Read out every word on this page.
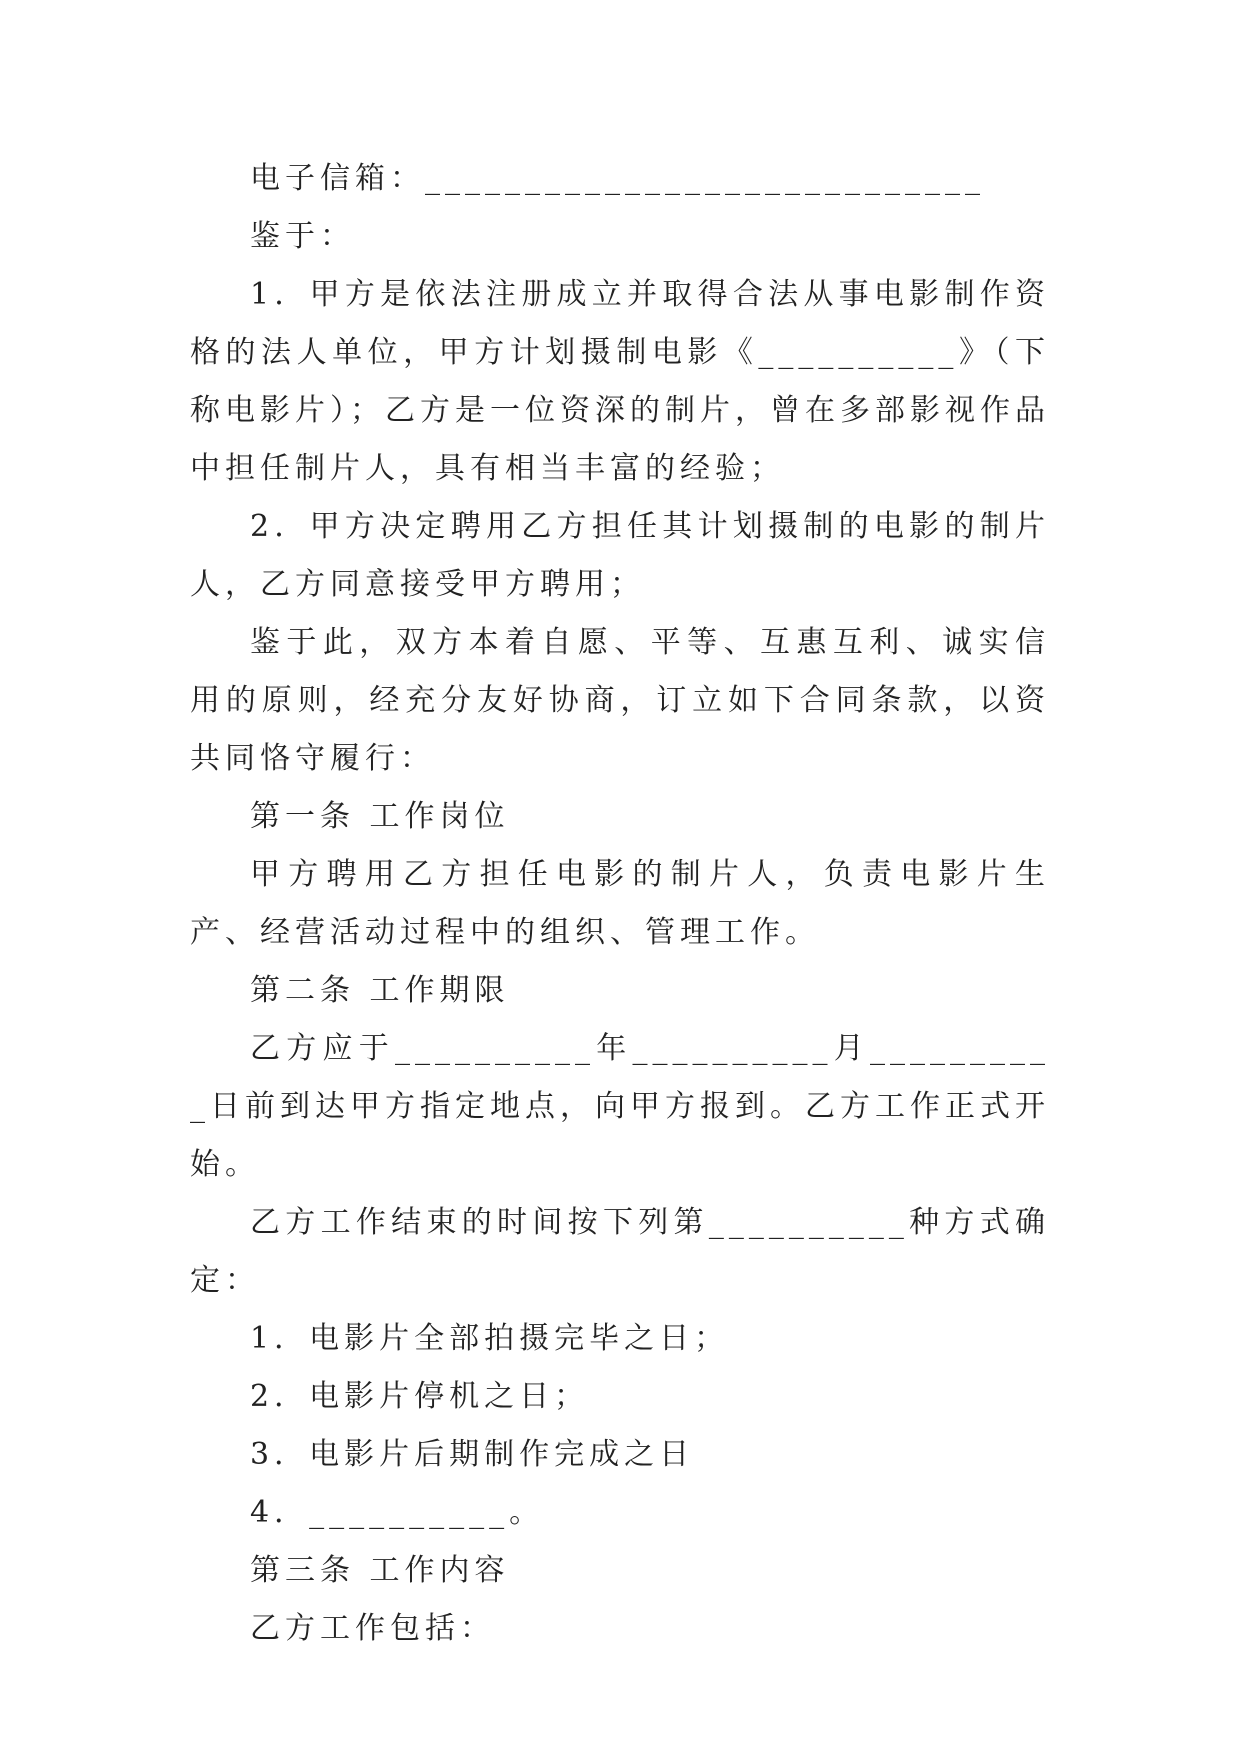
电子信箱：____________________________

鉴于：

1．甲方是依法注册成立并取得合法从事电影制作资格的法人单位，甲方计划摄制电影《__________》（下称电影片）；乙方是一位资深的制片，曾在多部影视作品中担任制片人，具有相当丰富的经验；

2．甲方决定聘用乙方担任其计划摄制的电影的制片人，乙方同意接受甲方聘用；

鉴于此，双方本着自愿、平等、互惠互利、诚实信用的原则，经充分友好协商，订立如下合同条款，以资共同恪守履行：

第一条 工作岗位

甲方聘用乙方担任电影的制片人，负责电影片生产、经营活动过程中的组织、管理工作。

第二条 工作期限

乙方应于__________年__________月__________日前到达甲方指定地点，向甲方报到。乙方工作正式开始。

乙方工作结束的时间按下列第__________种方式确定：

1．电影片全部拍摄完毕之日；

2．电影片停机之日；

3．电影片后期制作完成之日

4．__________。

第三条 工作内容

乙方工作包括：
